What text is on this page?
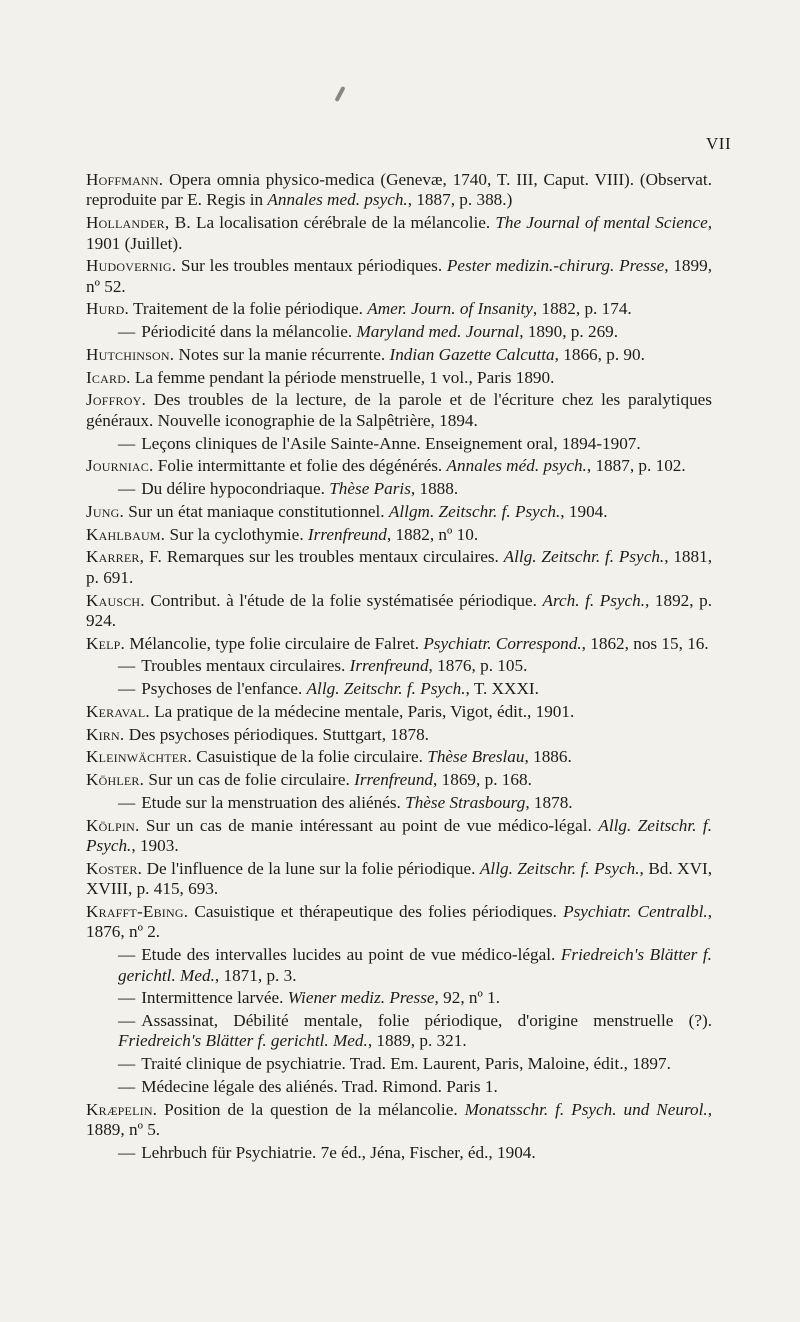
VII

Hoffmann. Opera omnia physico-medica (Genevæ, 1740, T. III, Caput. VIII). (Observat. reproduite par E. Regis in Annales med. psych., 1887, p. 388.)

Hollander, B. La localisation cérébrale de la mélancolie. The Journal of mental Science, 1901 (Juillet).

Hudovernig. Sur les troubles mentaux périodiques. Pester medizin.-chirurg. Presse, 1899, nº 52.

Hurd. Traitement de la folie périodique. Amer. Journ. of Insanity, 1882, p. 174.

— Périodicité dans la mélancolie. Maryland med. Journal, 1890, p. 269.

Hutchinson. Notes sur la manie récurrente. Indian Gazette Calcutta, 1866, p. 90.

Icard. La femme pendant la période menstruelle, 1 vol., Paris 1890.

Joffroy. Des troubles de la lecture, de la parole et de l'écriture chez les paralytiques généraux. Nouvelle iconographie de la Salpêtrière, 1894.

— Leçons cliniques de l'Asile Sainte-Anne. Enseignement oral, 1894-1907.

Journiac. Folie intermittante et folie des dégénérés. Annales méd. psych., 1887, p. 102.

— Du délire hypocondriaque. Thèse Paris, 1888.

Jung. Sur un état maniaque constitutionnel. Allgm. Zeitschr. f. Psych., 1904.

Kahlbaum. Sur la cyclothymie. Irrenfreund, 1882, nº 10.

Karrer, F. Remarques sur les troubles mentaux circulaires. Allg. Zeitschr. f. Psych., 1881, p. 691.

Kausch. Contribut. à l'étude de la folie systématisée périodique. Arch. f. Psych., 1892, p. 924.

Kelp. Mélancolie, type folie circulaire de Falret. Psychiatr. Correspond., 1862, nos 15, 16.

— Troubles mentaux circulaires. Irrenfreund, 1876, p. 105.

— Psychoses de l'enfance. Allg. Zeitschr. f. Psych., T. XXXI.

Keraval. La pratique de la médecine mentale, Paris, Vigot, édit., 1901.

Kirn. Des psychoses périodiques. Stuttgart, 1878.

Kleinwächter. Casuistique de la folie circulaire. Thèse Breslau, 1886.

Köhler. Sur un cas de folie circulaire. Irrenfreund, 1869, p. 168.

— Etude sur la menstruation des aliénés. Thèse Strasbourg, 1878.

Kölpin. Sur un cas de manie intéressant au point de vue médico-légal. Allg. Zeitschr. f. Psych., 1903.

Koster. De l'influence de la lune sur la folie périodique. Allg. Zeitschr. f. Psych., Bd. XVI, XVIII, p. 415, 693.

Krafft-Ebing. Casuistique et thérapeutique des folies périodiques. Psychiatr. Centralbl., 1876, nº 2.

— Etude des intervalles lucides au point de vue médico-légal. Friedreich's Blätter f. gerichtl. Med., 1871, p. 3.

— Intermittence larvée. Wiener mediz. Presse, 92, nº 1.

— Assassinat, Débilité mentale, folie périodique, d'origine menstruelle (?). Friedreich's Blätter f. gerichtl. Med., 1889, p. 321.

— Traité clinique de psychiatrie. Trad. Em. Laurent, Paris, Maloine, édit., 1897.

— Médecine légale des aliénés. Trad. Rimond. Paris 1.

Kræpelin. Position de la question de la mélancolie. Monatsschr. f. Psych. und Neurol., 1889, nº 5.

— Lehrbuch für Psychiatrie. 7e éd., Jéna, Fischer, éd., 1904.
